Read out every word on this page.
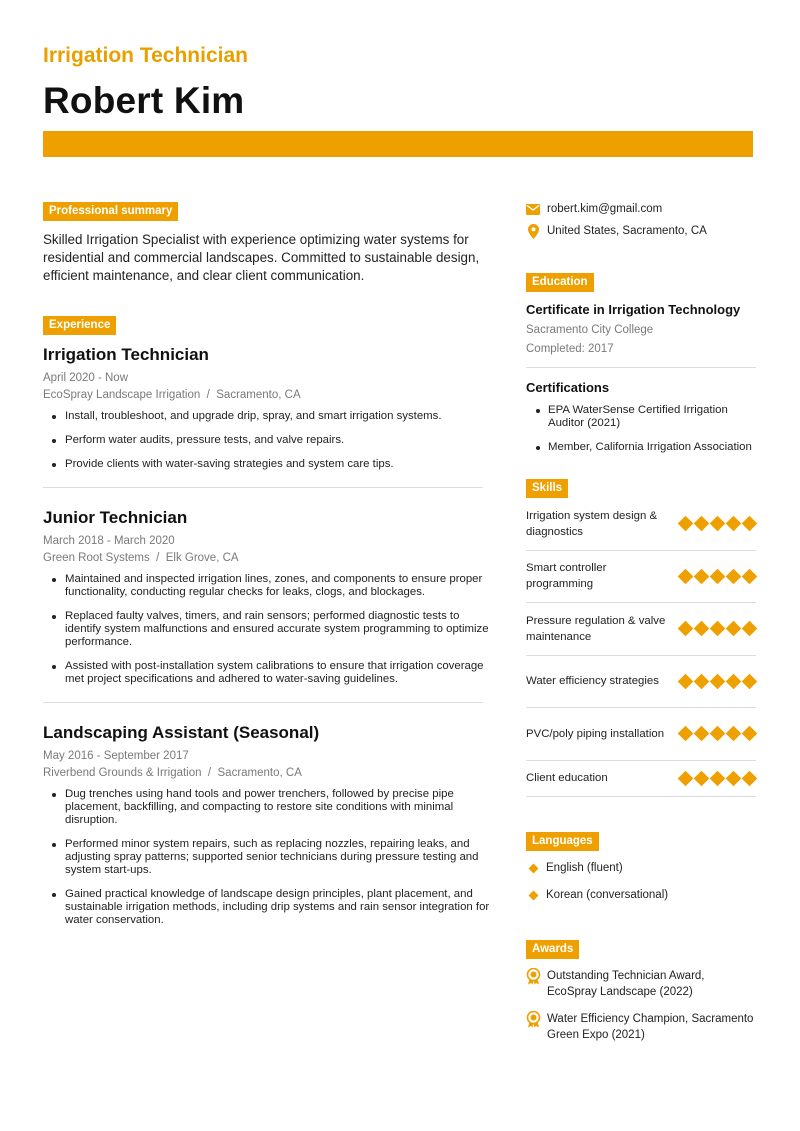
Irrigation Technician
Robert Kim
Professional summary

Skilled Irrigation Specialist with experience optimizing water systems for residential and commercial landscapes. Committed to sustainable design, efficient maintenance, and clear client communication.

Experience
Irrigation Technician
April 2020 - Now
EcoSpray Landscape Irrigation  /  Sacramento, CA
Install, troubleshoot, and upgrade drip, spray, and smart irrigation systems.
Perform water audits, pressure tests, and valve repairs.
Provide clients with water-saving strategies and system care tips.
Junior Technician
March 2018 - March 2020
Green Root Systems  /  Elk Grove, CA
Maintained and inspected irrigation lines, zones, and components to ensure proper functionality, conducting regular checks for leaks, clogs, and blockages.
Replaced faulty valves, timers, and rain sensors; performed diagnostic tests to identify system malfunctions and ensured accurate system programming to optimize performance.
Assisted with post-installation system calibrations to ensure that irrigation coverage met project specifications and adhered to water-saving guidelines.
Landscaping Assistant (Seasonal)
May 2016 - September 2017
Riverbend Grounds & Irrigation  /  Sacramento, CA
Dug trenches using hand tools and power trenchers, followed by precise pipe placement, backfilling, and compacting to restore site conditions with minimal disruption.
Performed minor system repairs, such as replacing nozzles, repairing leaks, and adjusting spray patterns; supported senior technicians during pressure testing and system start-ups.
Gained practical knowledge of landscape design principles, plant placement, and sustainable irrigation methods, including drip systems and rain sensor integration for water conservation.
robert.kim@gmail.com
United States, Sacramento, CA
Education
Certificate in Irrigation Technology
Sacramento City College
Completed: 2017
Certifications
EPA WaterSense Certified Irrigation Auditor (2021)
Member, California Irrigation Association
Skills
Irrigation system design & diagnostics
Smart controller programming
Pressure regulation & valve maintenance
Water efficiency strategies
PVC/poly piping installation
Client education
Languages
English (fluent)
Korean (conversational)
Awards
Outstanding Technician Award, EcoSpray Landscape (2022)
Water Efficiency Champion, Sacramento Green Expo (2021)
